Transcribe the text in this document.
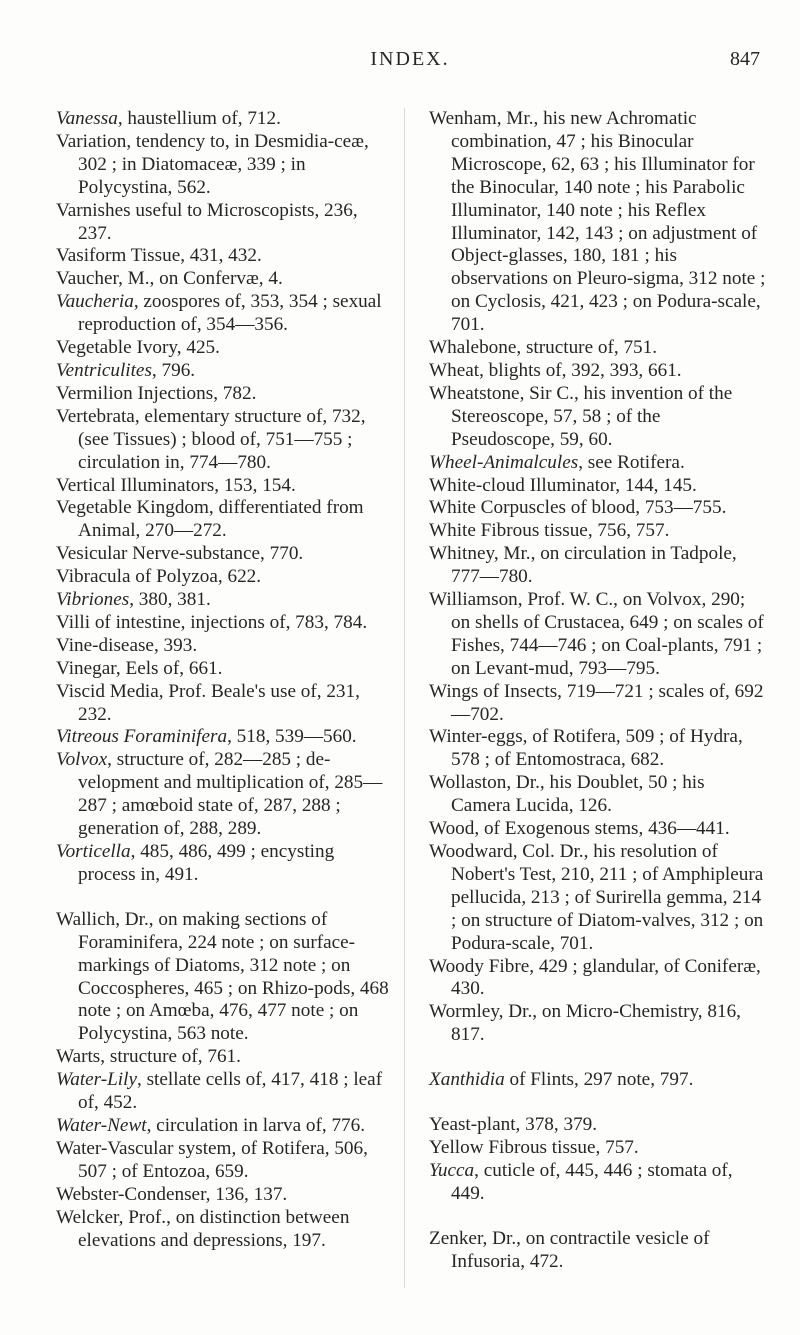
INDEX.	847

Vanessa, haustellium of, 712.

Variation, tendency to, in Desmidia-ceæ, 302 ; in Diatomaceæ, 339 ; in Polycystina, 562.

Varnishes useful to Microscopists, 236, 237.

Vasiform Tissue, 431, 432.

Vaucher, M., on Confervæ, 4.

Vaucheria, zoospores of, 353, 354 ; sexual reproduction of, 354—356.

Vegetable Ivory, 425.

Ventriculites, 796.

Vermilion Injections, 782.

Vertebrata, elementary structure of, 732, (see Tissues) ; blood of, 751—755 ; circulation in, 774—780.

Vertical Illuminators, 153, 154.

Vegetable Kingdom, differentiated from Animal, 270—272.

Vesicular Nerve-substance, 770.

Vibracula of Polyzoa, 622.

Vibriones, 380, 381.

Villi of intestine, injections of, 783, 784.

Vine-disease, 393.

Vinegar, Eels of, 661.

Viscid Media, Prof. Beale's use of, 231, 232.

Vitreous Foraminifera, 518, 539—560.

Volvox, structure of, 282—285 ; de-velopment and multiplication of, 285—287 ; amœboid state of, 287, 288 ; generation of, 288, 289.

Vorticella, 485, 486, 499 ; encysting process in, 491.

Wallich, Dr., on making sections of Foraminifera, 224 note ; on surface-markings of Diatoms, 312 note ; on Coccospheres, 465 ; on Rhizo-pods, 468 note ; on Amœba, 476, 477 note ; on Polycystina, 563 note.

Warts, structure of, 761.

Water-Lily, stellate cells of, 417, 418 ; leaf of, 452.

Water-Newt, circulation in larva of, 776.

Water-Vascular system, of Rotifera, 506, 507 ; of Entozoa, 659.

Webster-Condenser, 136, 137.

Welcker, Prof., on distinction between elevations and depressions, 197.

Wenham, Mr., his new Achromatic combination, 47 ; his Binocular Microscope, 62, 63 ; his Illuminator for the Binocular, 140 note ; his Parabolic Illuminator, 140 note ; his Reflex Illuminator, 142, 143 ; on adjustment of Object-glasses, 180, 181 ; his observations on Pleuro-sigma, 312 note ; on Cyclosis, 421, 423 ; on Podura-scale, 701.

Whalebone, structure of, 751.

Wheat, blights of, 392, 393, 661.

Wheatstone, Sir C., his invention of the Stereoscope, 57, 58 ; of the Pseudoscope, 59, 60.

Wheel-Animalcules, see Rotifera.

White-cloud Illuminator, 144, 145.

White Corpuscles of blood, 753—755.

White Fibrous tissue, 756, 757.

Whitney, Mr., on circulation in Tadpole, 777—780.

Williamson, Prof. W. C., on Volvox, 290; on shells of Crustacea, 649 ; on scales of Fishes, 744—746 ; on Coal-plants, 791 ; on Levant-mud, 793—795.

Wings of Insects, 719—721 ; scales of, 692—702.

Winter-eggs, of Rotifera, 509 ; of Hydra, 578 ; of Entomostraca, 682.

Wollaston, Dr., his Doublet, 50 ; his Camera Lucida, 126.

Wood, of Exogenous stems, 436—441.

Woodward, Col. Dr., his resolution of Nobert's Test, 210, 211 ; of Amphipleura pellucida, 213 ; of Surirella gemma, 214 ; on structure of Diatom-valves, 312 ; on Podura-scale, 701.

Woody Fibre, 429 ; glandular, of Coniferæ, 430.

Wormley, Dr., on Micro-Chemistry, 816, 817.

Xanthidia of Flints, 297 note, 797.

Yeast-plant, 378, 379.

Yellow Fibrous tissue, 757.

Yucca, cuticle of, 445, 446 ; stomata of, 449.

Zenker, Dr., on contractile vesicle of Infusoria, 472.
